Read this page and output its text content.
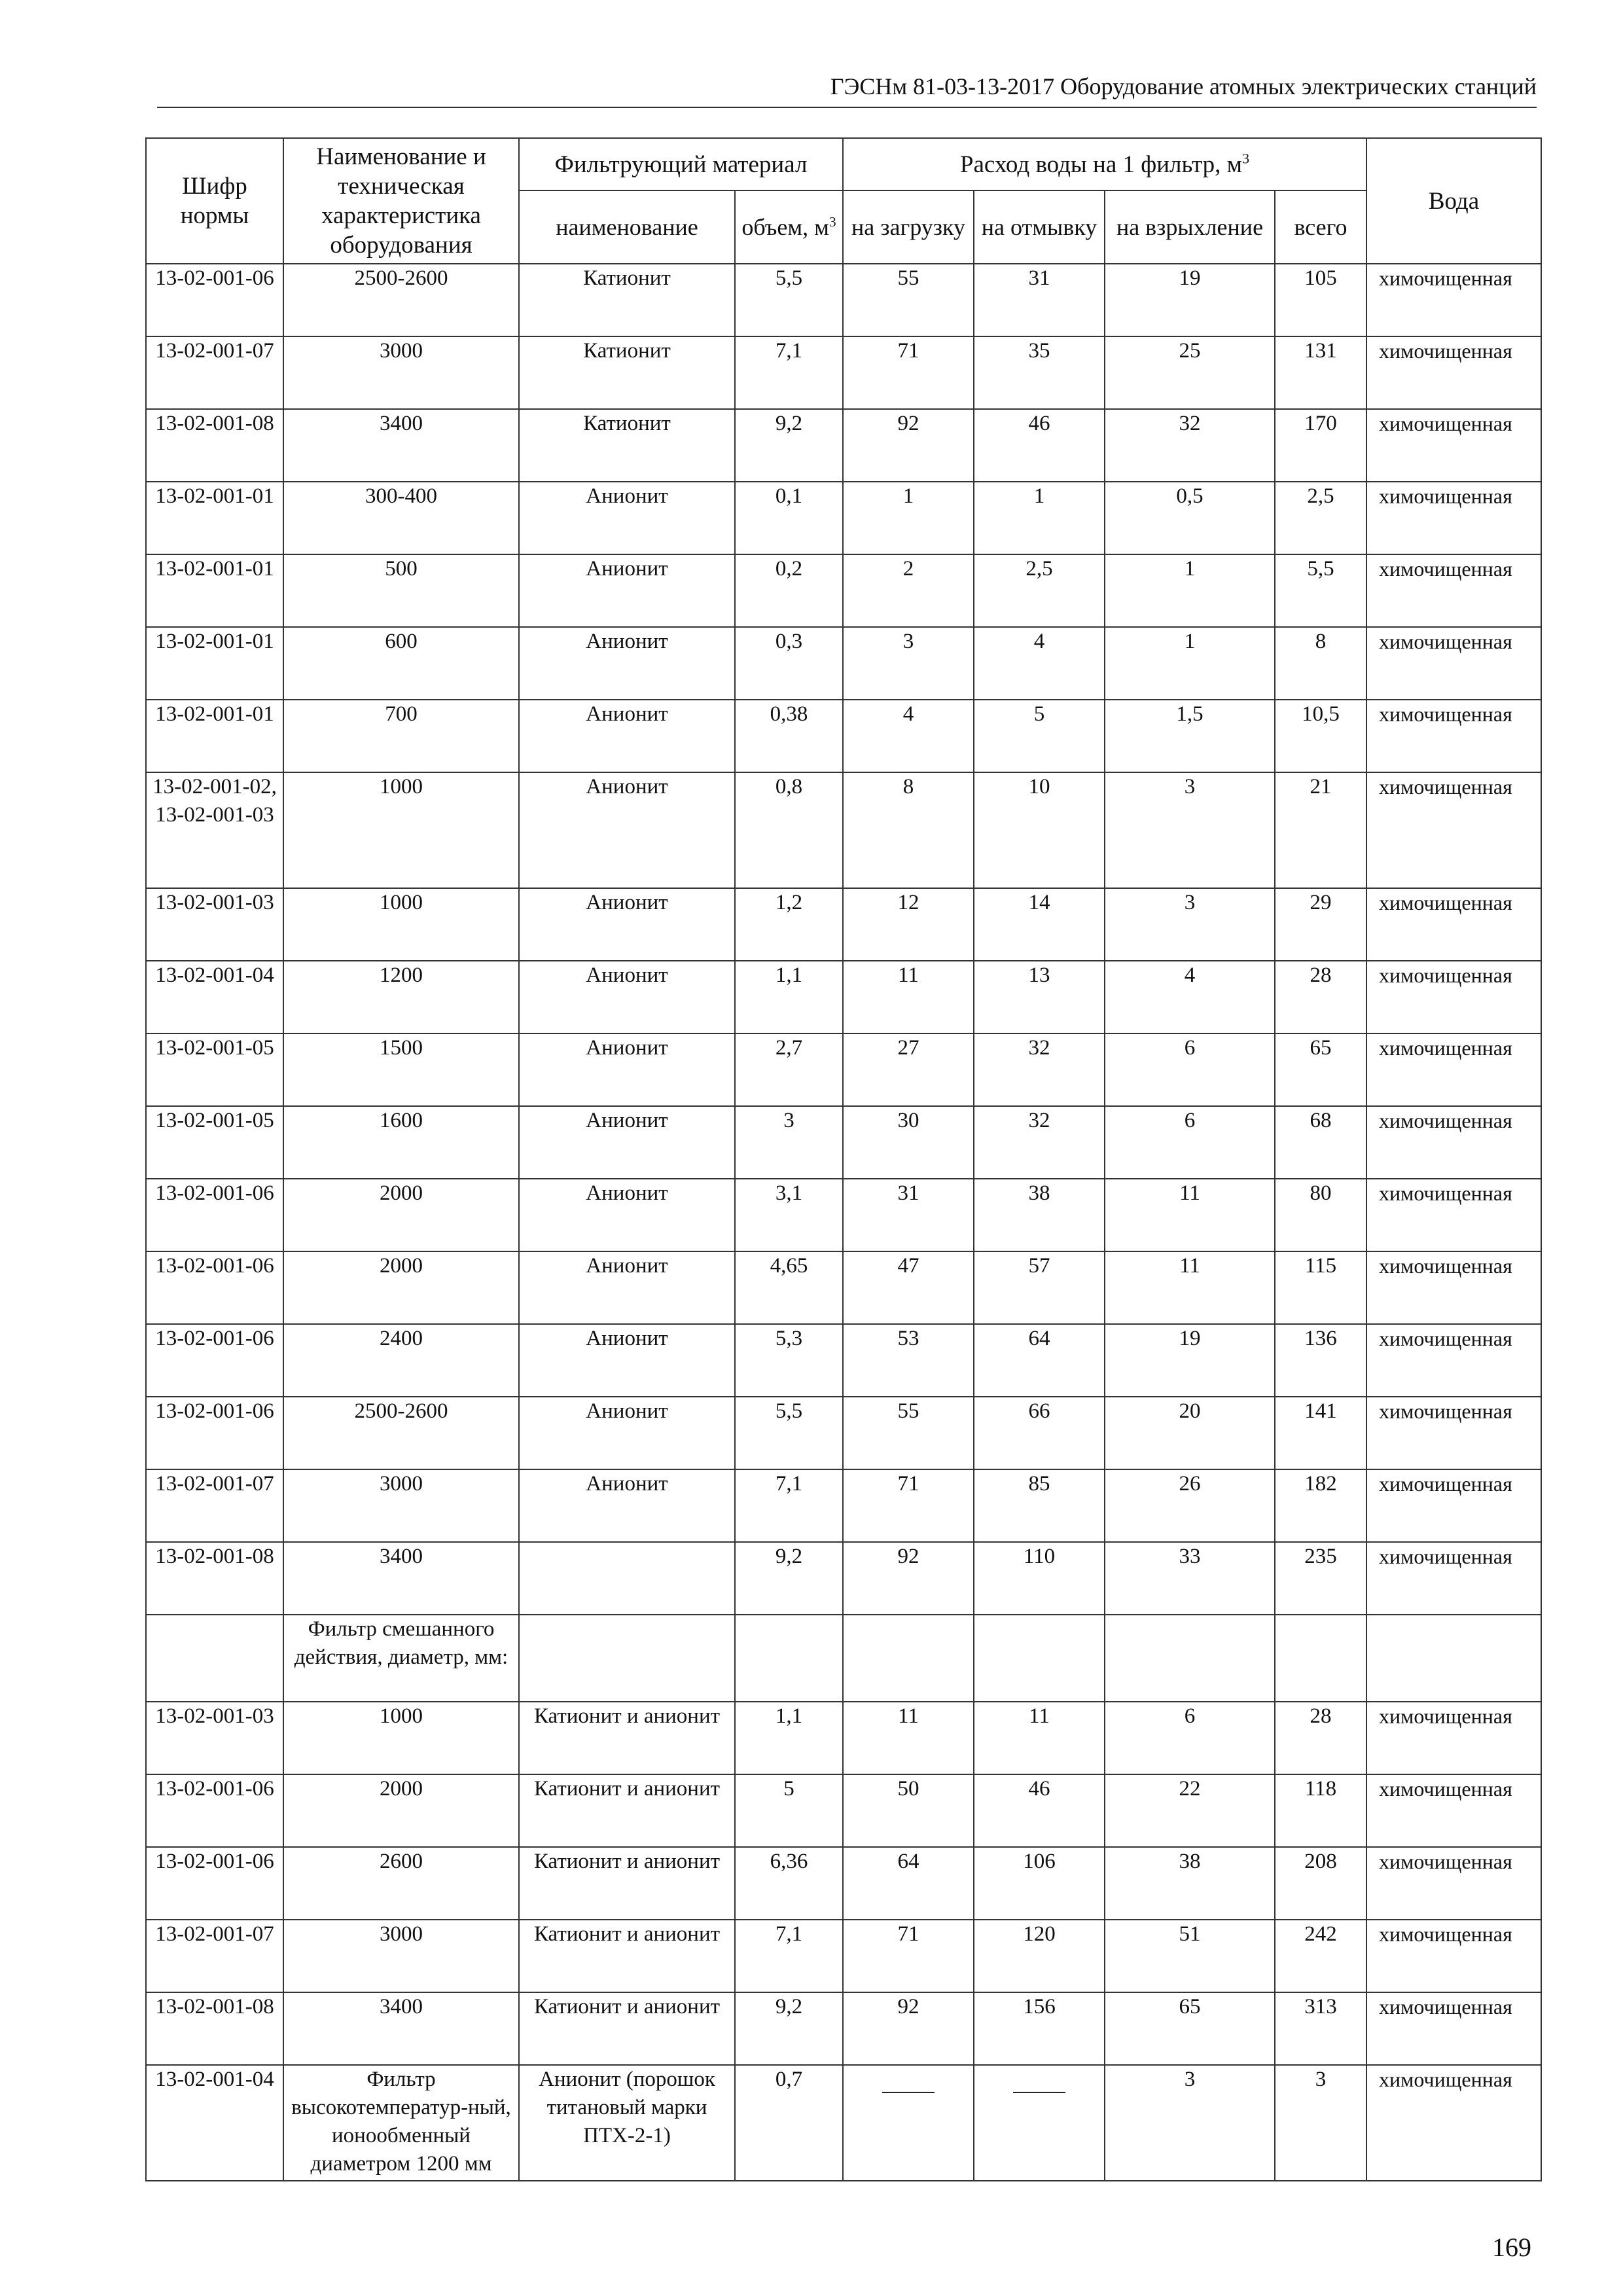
ГЭСНм 81-03-13-2017 Оборудование атомных электрических станций
Шифр нормы	Наименование и техническая характеристика оборудования	Фильтрующий материал		Расход воды на 1 фильтр, $м^3$				Вода
		наименование	объем, $м^3$	на загрузку	на отмывку	на взрыхление	всего	
13-02-001-06	2500-2600	Катионит	5,5	55	31	19	105	химочищенная
13-02-001-07	3000	Катионит	7,1	71	35	25	131	химочищенная
13-02-001-08	3400	Катионит	9,2	92	46	32	170	химочищенная
13-02-001-01	300-400	Анионит	0,1	1	1	0,5	2,5	химочищенная
13-02-001-01	500	Анионит	0,2	2	2,5	1	5,5	химочищенная
13-02-001-01	600	Анионит	0,3	3	4	1	8	химочищенная
13-02-001-01	700	Анионит	0,38	4	5	1,5	10,5	химочищенная
13-02-001-02, 13-02-001-03	1000	Анионит	0,8	8	10	3	21	химочищенная
13-02-001-03	1000	Анионит	1,2	12	14	3	29	химочищенная
13-02-001-04	1200	Анионит	1,1	11	13	4	28	химочищенная
13-02-001-05	1500	Анионит	2,7	27	32	6	65	химочищенная
13-02-001-05	1600	Анионит	3	30	32	6	68	химочищенная
13-02-001-06	2000	Анионит	3,1	31	38	11	80	химочищенная
13-02-001-06	2000	Анионит	4,65	47	57	11	115	химочищенная
13-02-001-06	2400	Анионит	5,3	53	64	19	136	химочищенная
13-02-001-06	2500-2600	Анионит	5,5	55	66	20	141	химочищенная
13-02-001-07	3000	Анионит	7,1	71	85	26	182	химочищенная
13-02-001-08	3400		9,2	92	110	33	235	химочищенная
	Фильтр смешанного действия, диаметр, мм:							
13-02-001-03	1000	Катионит и анионит	1,1	11	11	6	28	химочищенная
13-02-001-06	2000	Катионит и анионит	5	50	46	22	118	химочищенная
13-02-001-06	2600	Катионит и анионит	6,36	64	106	38	208	химочищенная
13-02-001-07	3000	Катионит и анионит	7,1	71	120	51	242	химочищенная
13-02-001-08	3400	Катионит и анионит	9,2	92	156	65	313	химочищенная
13-02-001-04	Фильтр высокотемператур-ный, ионообменный диаметром 1200 мм	Анионит (порошок титановый марки ПТХ-2-1)	0,7			3	3	химочищенная
169
